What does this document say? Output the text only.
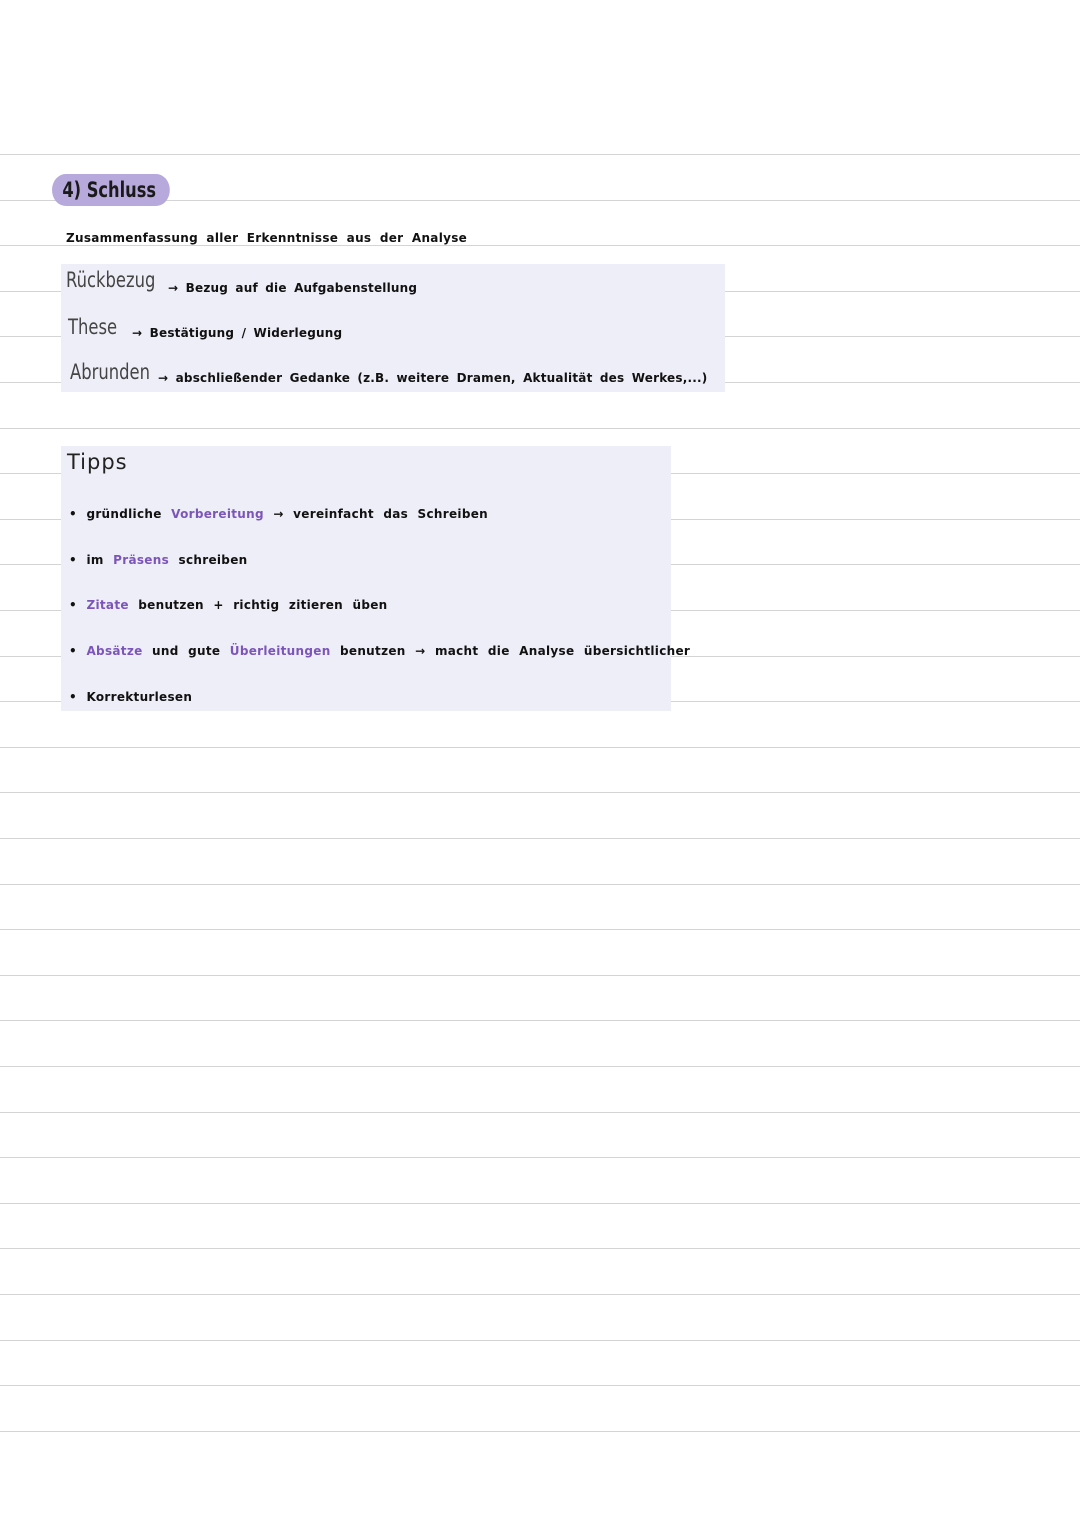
4) Schluss
Zusammenfassung aller Erkenntnisse aus der Analyse
Rückbezug	→ Bezug auf die Aufgabenstellung
These	→ Bestätigung / Widerlegung
Abrunden → abschließender Gedanke (z.B. weitere Dramen, Aktualität des Werkes,...)
Tipps
• gründliche Vorbereitung → vereinfacht das Schreiben
• im Präsens schreiben
• Zitate benutzen + richtig zitieren üben
• Absätze und gute Überleitungen benutzen → macht die Analyse übersichtlicher
• Korrekturlesen
